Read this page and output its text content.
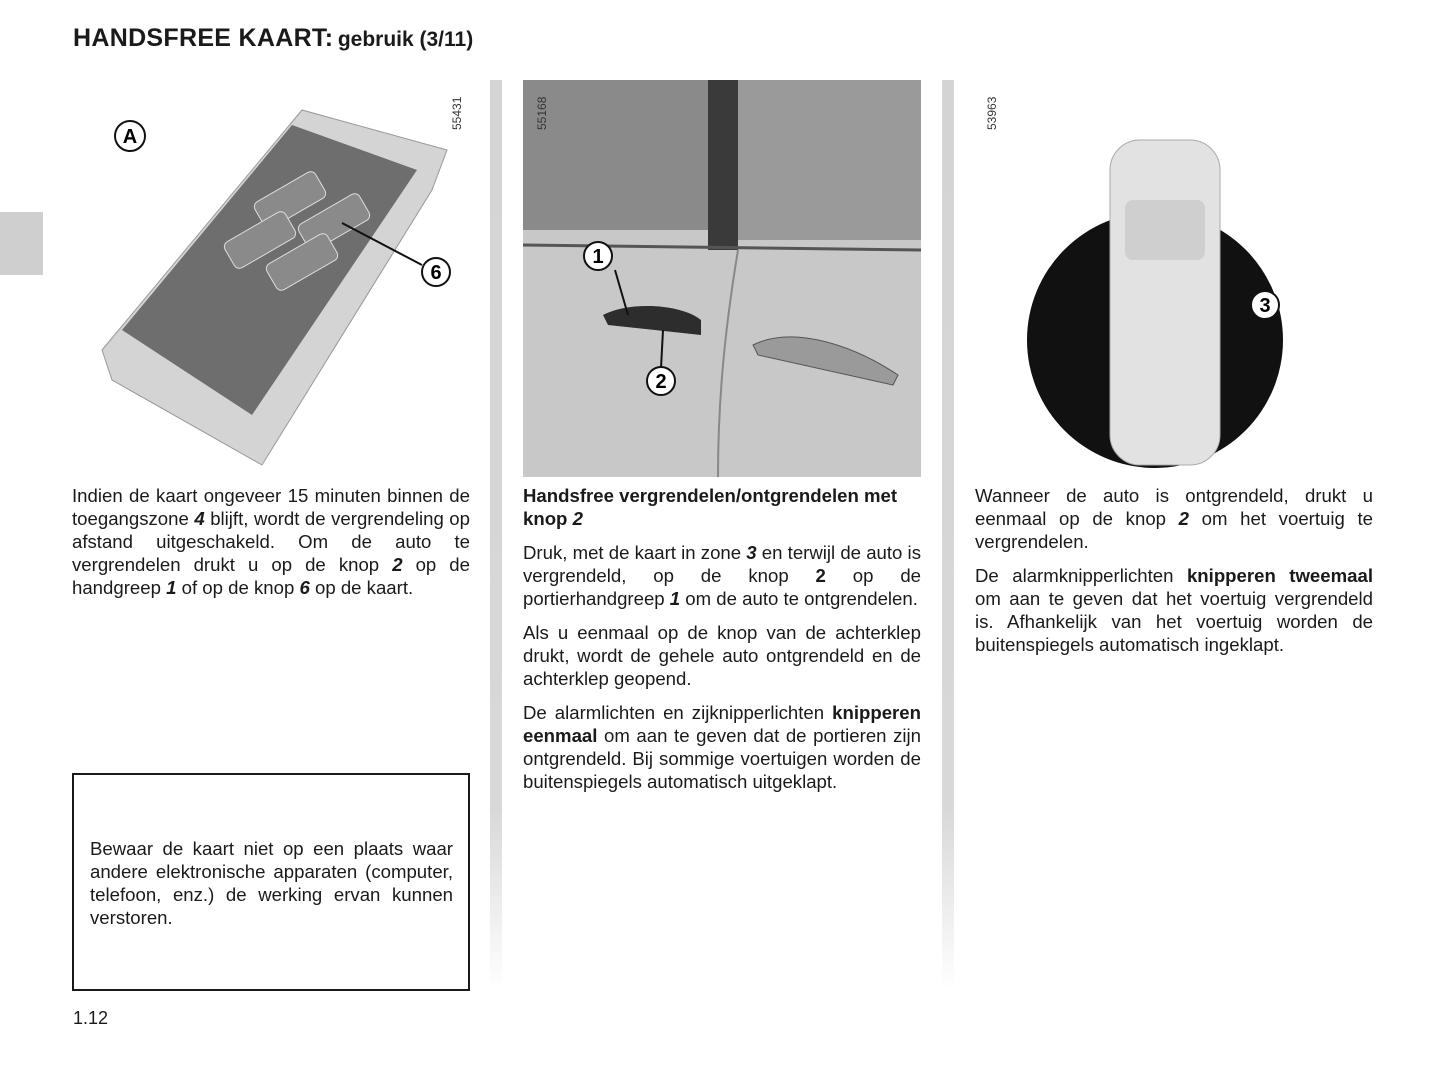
HANDSFREE KAART: gebruik (3/11)
A
6
55431
1
2
55168
3
53963

Indien de kaart ongeveer 15 minuten binnen de toegangszone 4 blijft, wordt de vergrendeling op afstand uitgeschakeld. Om de auto te vergrendelen drukt u op de knop 2 op de handgreep 1 of op de knop 6 op de kaart.

Handsfree vergrendelen/ontgrendelen met knop 2

Druk, met de kaart in zone 3 en terwijl de auto is vergrendeld, op de knop 2 op de portierhandgreep 1 om de auto te ontgrendelen.

Als u eenmaal op de knop van de achterklep drukt, wordt de gehele auto ontgrendeld en de achterklep geopend.

De alarmlichten en zijknipperlichten knipperen eenmaal om aan te geven dat de portieren zijn ontgrendeld. Bij sommige voertuigen worden de buitenspiegels automatisch uitgeklapt.

Wanneer de auto is ontgrendeld, drukt u eenmaal op de knop 2 om het voertuig te vergrendelen.

De alarmknipperlichten knipperen tweemaal om aan te geven dat het voertuig vergrendeld is. Afhankelijk van het voertuig worden de buitenspiegels automatisch ingeklapt.

Bewaar de kaart niet op een plaats waar andere elektronische apparaten (computer, telefoon, enz.) de werking ervan kunnen verstoren.

1.12
